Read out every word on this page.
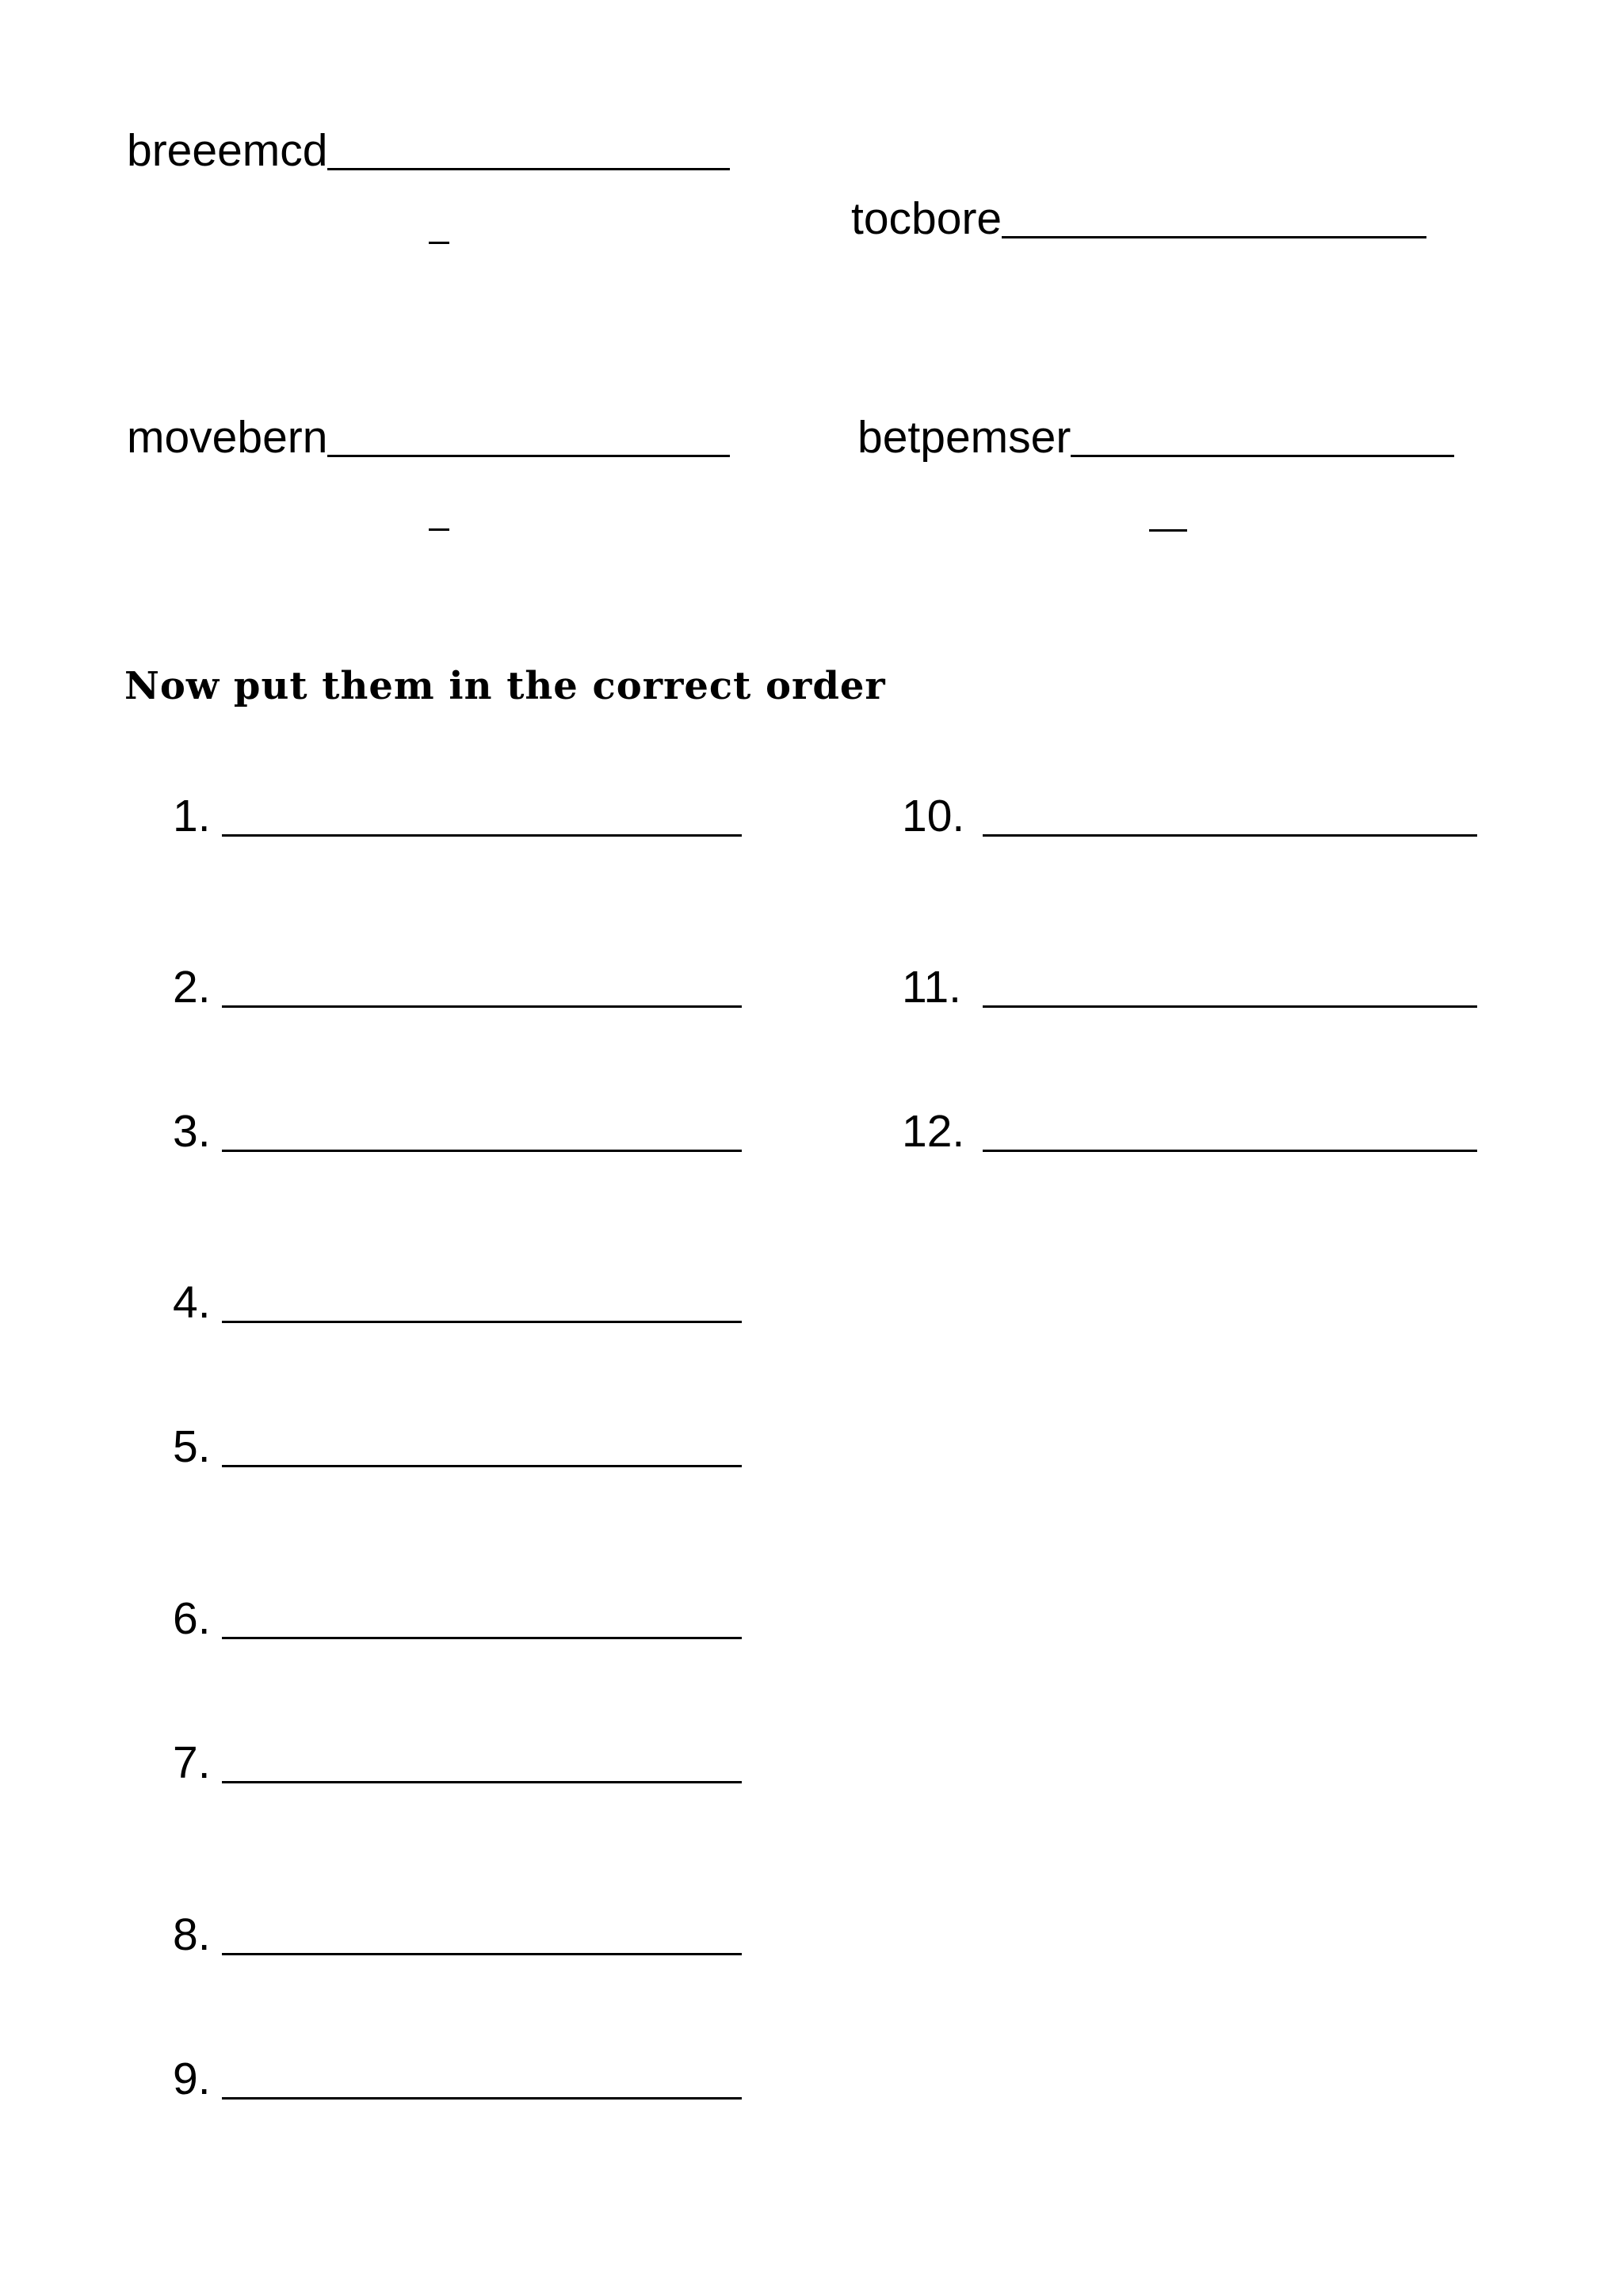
breeemcd
tocbore
movebern	betpemser
Now put them in the correct order
1.
2.
3.
4.
5.
6.
7.
8.
9.
10.
11.
12.
